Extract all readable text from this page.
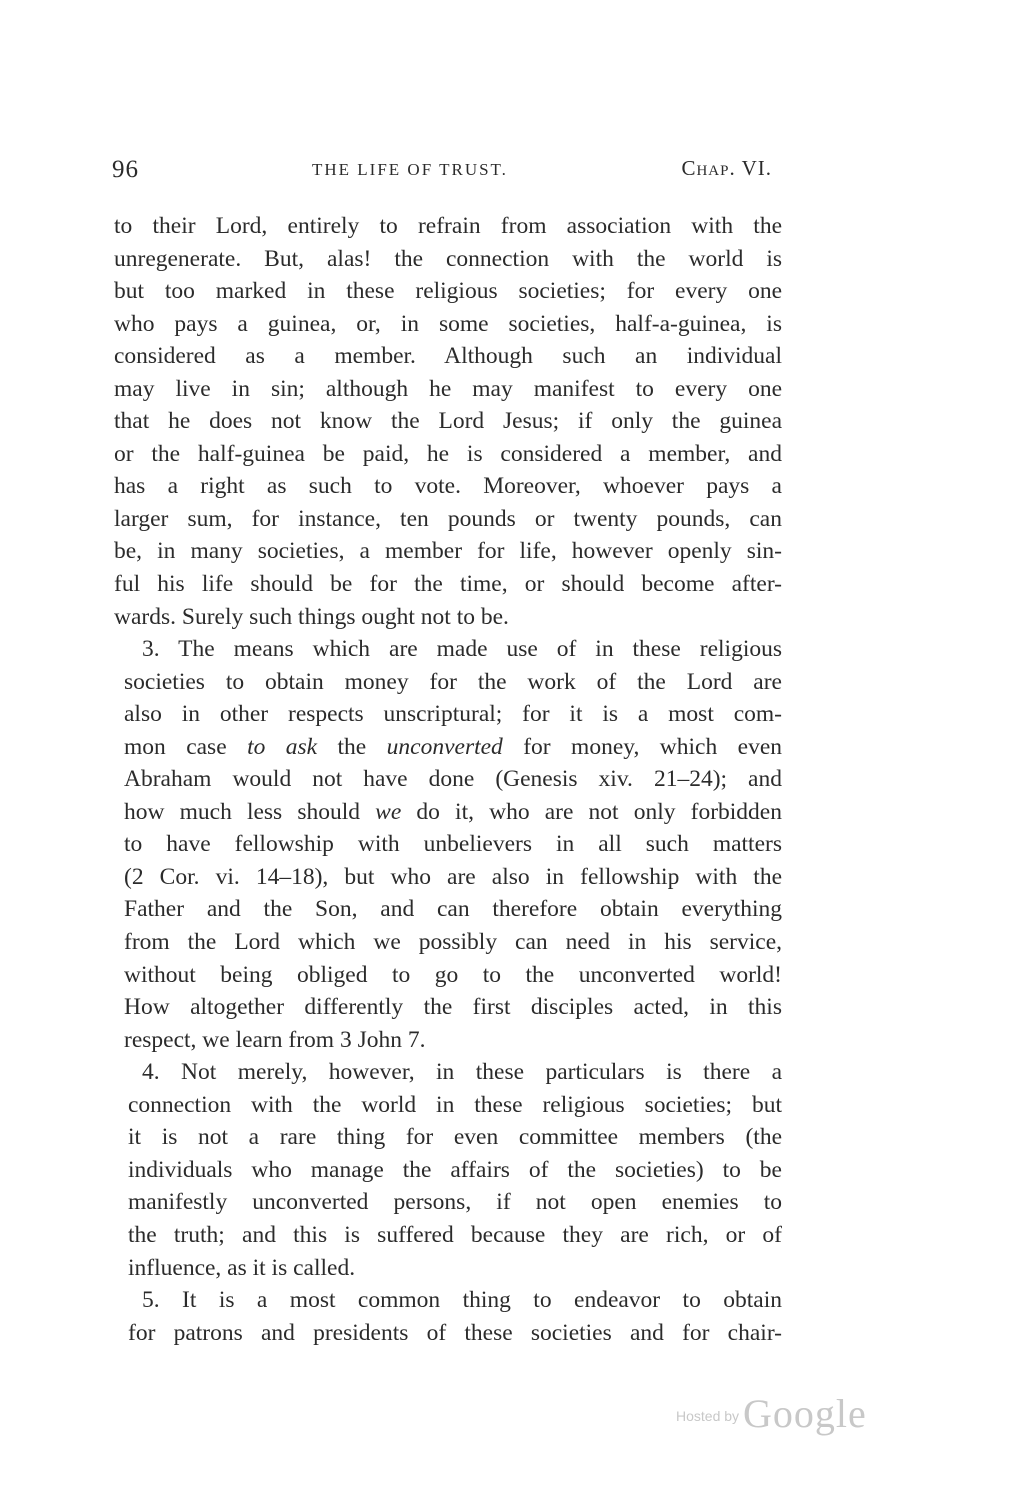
96	THE LIFE OF TRUST.	Chap. VI.
to their Lord, entirely to refrain from association with the
unregenerate. But, alas! the connection with the world is
but too marked in these religious societies; for every one
who pays a guinea, or, in some societies, half-a-guinea, is
considered as a member. Although such an individual
may live in sin; although he may manifest to every one
that he does not know the Lord Jesus; if only the guinea
or the half-guinea be paid, he is considered a member, and
has a right as such to vote. Moreover, whoever pays a
larger sum, for instance, ten pounds or twenty pounds, can
be, in many societies, a member for life, however openly sin-
ful his life should be for the time, or should become after-
wards. Surely such things ought not to be.
3. The means which are made use of in these religious
societies to obtain money for the work of the Lord are
also in other respects unscriptural; for it is a most com-
mon case to ask the unconverted for money, which even
Abraham would not have done (Genesis xiv. 21–24); and
how much less should we do it, who are not only forbidden
to have fellowship with unbelievers in all such matters
(2 Cor. vi. 14–18), but who are also in fellowship with the
Father and the Son, and can therefore obtain everything
from the Lord which we possibly can need in his service,
without being obliged to go to the unconverted world!
How altogether differently the first disciples acted, in this
respect, we learn from 3 John 7.
4. Not merely, however, in these particulars is there a
connection with the world in these religious societies; but
it is not a rare thing for even committee members (the
individuals who manage the affairs of the societies) to be
manifestly unconverted persons, if not open enemies to
the truth; and this is suffered because they are rich, or of
influence, as it is called.
5. It is a most common thing to endeavor to obtain
for patrons and presidents of these societies and for chair-
Hosted by Google
